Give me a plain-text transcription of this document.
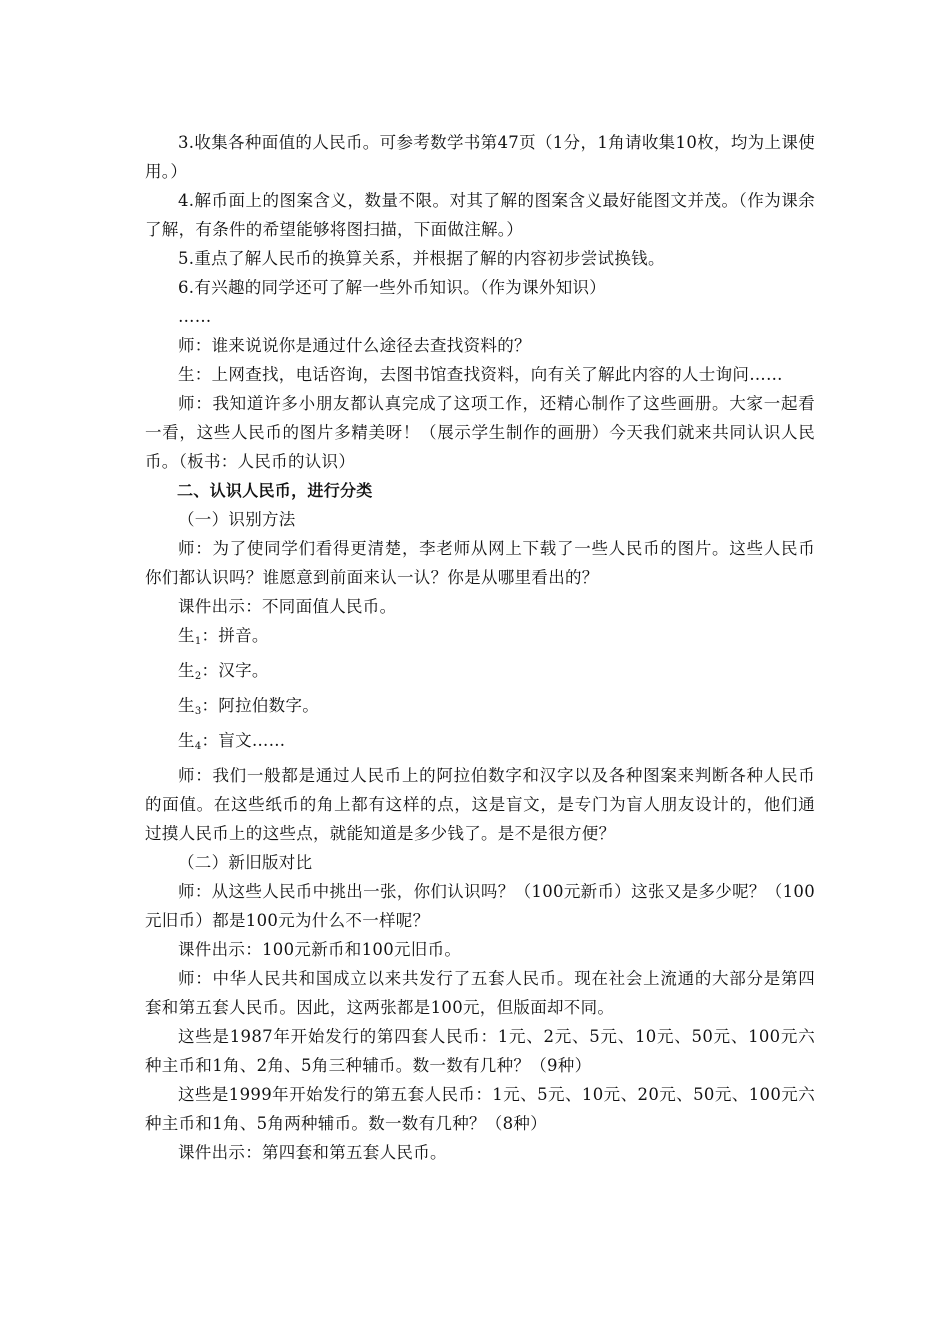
3.收集各种面值的人民币。可参考数学书第47页（1分，1角请收集10枚，均为上课使用。）

4.解币面上的图案含义，数量不限。对其了解的图案含义最好能图文并茂。（作为课余了解，有条件的希望能够将图扫描，下面做注解。）

5.重点了解人民币的换算关系，并根据了解的内容初步尝试换钱。

6.有兴趣的同学还可了解一些外币知识。（作为课外知识）

……

师：谁来说说你是通过什么途径去查找资料的？

生：上网查找，电话咨询，去图书馆查找资料，向有关了解此内容的人士询问……

师：我知道许多小朋友都认真完成了这项工作，还精心制作了这些画册。大家一起看一看，这些人民币的图片多精美呀！（展示学生制作的画册）今天我们就来共同认识人民币。（板书：人民币的认识）

二、认识人民币，进行分类

（一）识别方法

师：为了使同学们看得更清楚，李老师从网上下载了一些人民币的图片。这些人民币你们都认识吗？谁愿意到前面来认一认？你是从哪里看出的？

课件出示：不同面值人民币。

生$_1$：拼音。

生$_2$：汉字。

生$_3$：阿拉伯数字。

生$_4$：盲文……

师：我们一般都是通过人民币上的阿拉伯数字和汉字以及各种图案来判断各种人民币的面值。在这些纸币的角上都有这样的点，这是盲文，是专门为盲人朋友设计的，他们通过摸人民币上的这些点，就能知道是多少钱了。是不是很方便？

（二）新旧版对比

师：从这些人民币中挑出一张，你们认识吗？（100元新币）这张又是多少呢？（100元旧币）都是100元为什么不一样呢？

课件出示：100元新币和100元旧币。

师：中华人民共和国成立以来共发行了五套人民币。现在社会上流通的大部分是第四套和第五套人民币。因此，这两张都是100元，但版面却不同。

这些是1987年开始发行的第四套人民币：1元、2元、5元、10元、50元、100元六种主币和1角、2角、5角三种辅币。数一数有几种？（9种）

这些是1999年开始发行的第五套人民币：1元、5元、10元、20元、50元、100元六种主币和1角、5角两种辅币。数一数有几种？（8种）

课件出示：第四套和第五套人民币。
